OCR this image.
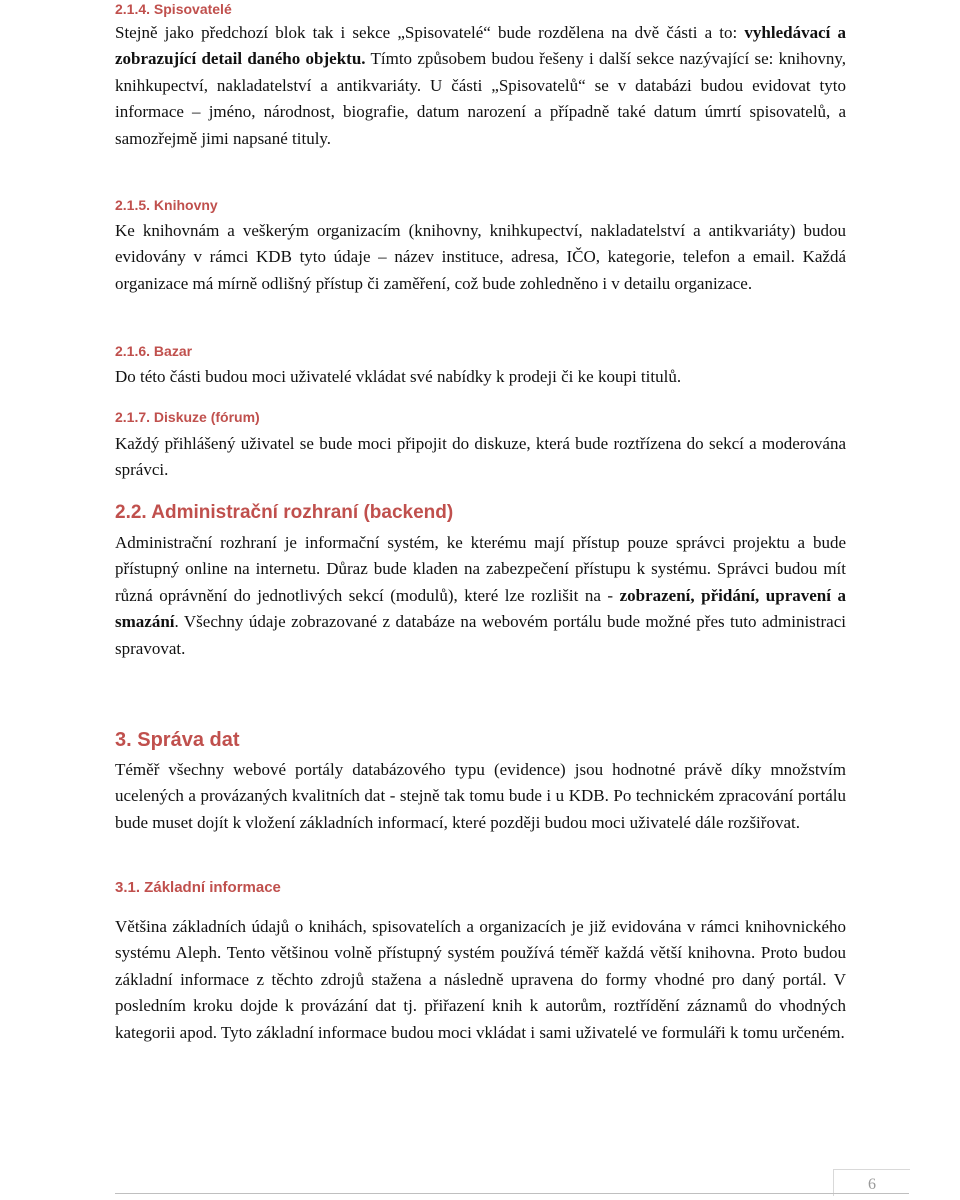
2.1.4. Spisovatelé

Stejně jako předchozí blok tak i sekce „Spisovatelé“ bude rozdělena na dvě části a to: vyhledávací a zobrazující detail daného objektu. Tímto způsobem budou řešeny i další sekce nazývající se: knihovny, knihkupectví, nakladatelství a antikvariáty. U části „Spisovatelů“ se v databázi budou evidovat tyto informace – jméno, národnost, biografie, datum narození a případně také datum úmrtí spisovatelů, a samozřejmě jimi napsané tituly.

2.1.5. Knihovny

Ke knihovnám a veškerým organizacím (knihovny, knihkupectví, nakladatelství a antikvariáty) budou evidovány v rámci KDB tyto údaje – název instituce, adresa, IČO, kategorie, telefon a email. Každá organizace má mírně odlišný přístup či zaměření, což bude zohledněno i v detailu organizace.

2.1.6. Bazar

Do této části budou moci uživatelé vkládat své nabídky k prodeji či ke koupi titulů.

2.1.7. Diskuze (fórum)

Každý přihlášený uživatel se bude moci připojit do diskuze, která bude roztřízena do sekcí a moderována správci.

2.2. Administrační rozhraní (backend)

Administrační rozhraní je informační systém, ke kterému mají přístup pouze správci projektu a bude přístupný online na internetu. Důraz bude kladen na zabezpečení přístupu k systému. Správci budou mít různá oprávnění do jednotlivých sekcí (modulů), které lze rozlišit na - zobrazení, přidání, upravení a smazání. Všechny údaje zobrazované z databáze na webovém portálu bude možné přes tuto administraci spravovat.

3. Správa dat

Téměř všechny webové portály databázového typu (evidence) jsou hodnotné právě díky množstvím ucelených a provázaných kvalitních dat - stejně tak tomu bude i u KDB. Po technickém zpracování portálu bude muset dojít k vložení základních informací, které později budou moci uživatelé dále rozšiřovat.

3.1. Základní informace

Většina základních údajů o knihách, spisovatelích a organizacích je již evidována v rámci knihovnického systému Aleph. Tento většinou volně přístupný systém používá téměř každá větší knihovna. Proto budou základní informace z těchto zdrojů stažena a následně upravena do formy vhodné pro daný portál. V posledním kroku dojde k provázání dat tj. přiřazení knih k autorům, roztřídění záznamů do vhodných kategorii apod. Tyto základní informace budou moci vkládat i sami uživatelé ve formuláři k tomu určeném.

6
